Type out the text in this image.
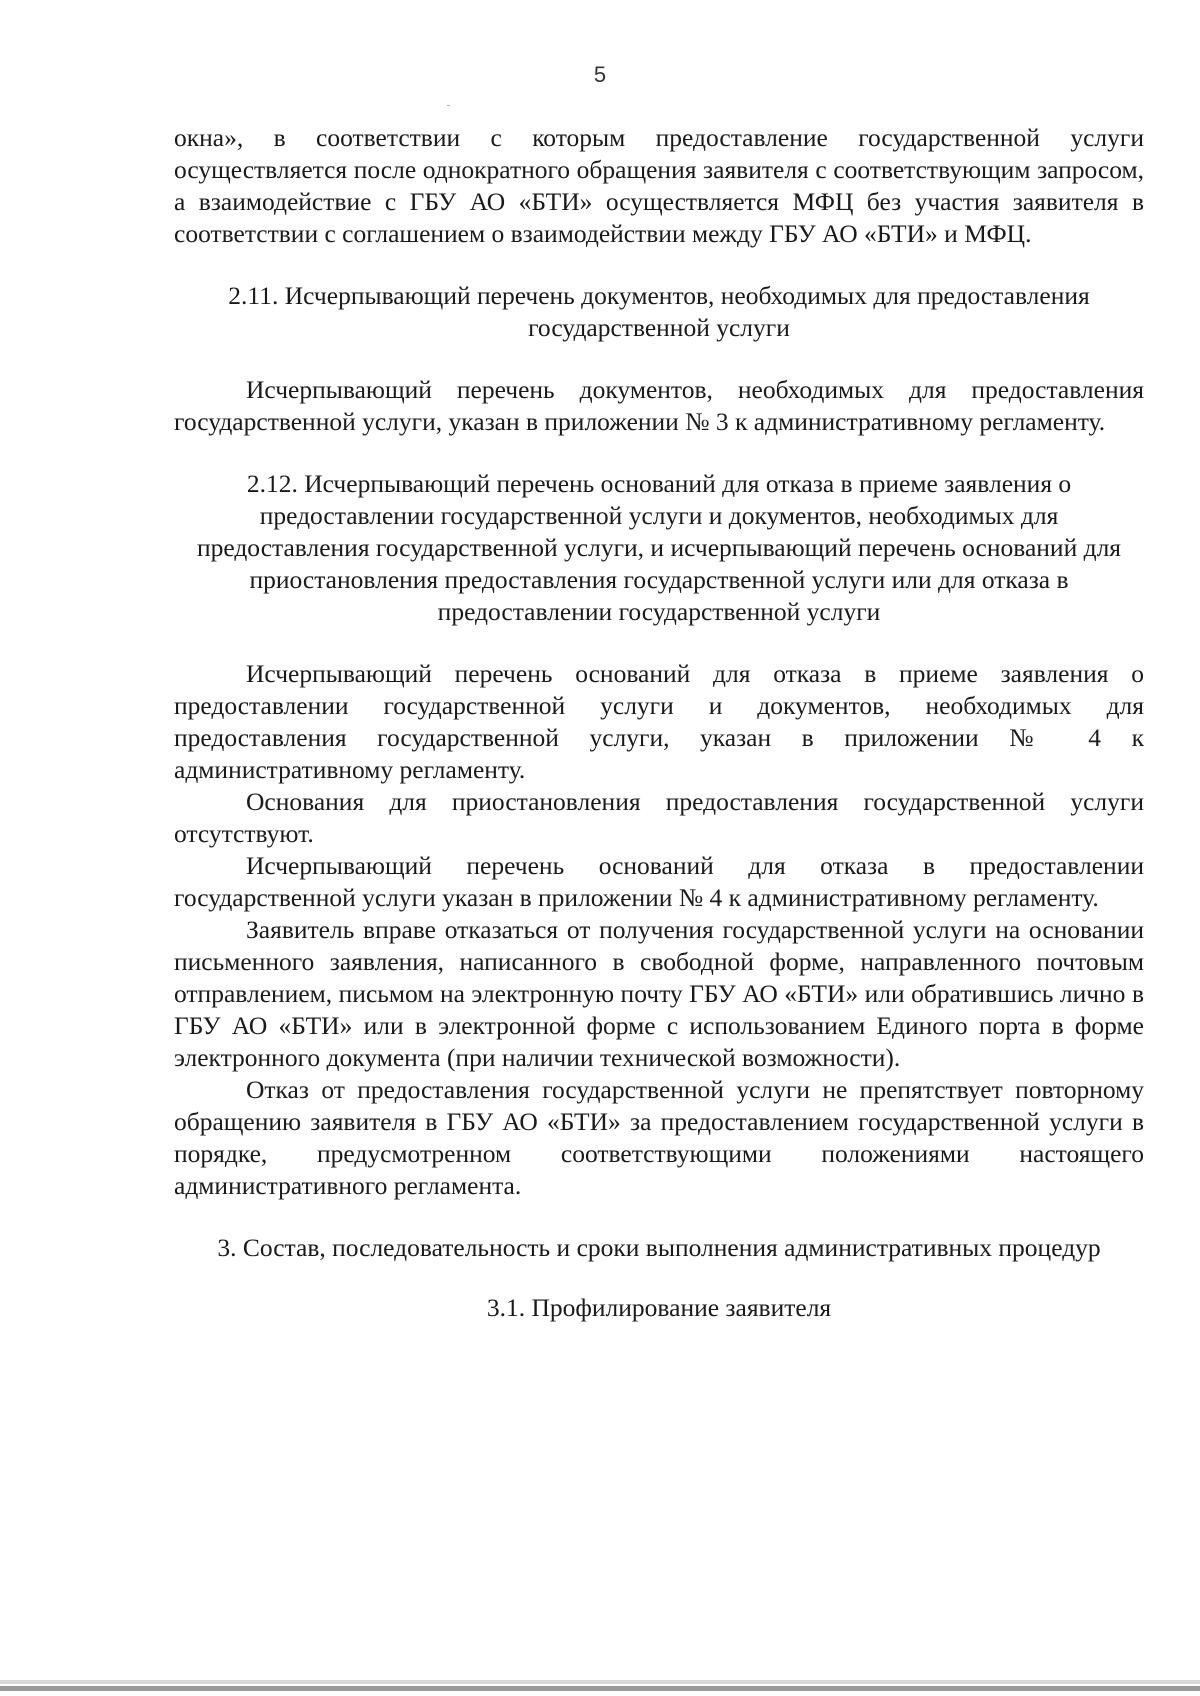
5

окна», в соответствии с которым предоставление государственной услуги осуществляется после однократного обращения заявителя с соответствующим запросом, а взаимодействие с ГБУ АО «БТИ» осуществляется МФЦ без участия заявителя в соответствии с соглашением о взаимодействии между ГБУ АО «БТИ» и МФЦ.

2.11. Исчерпывающий перечень документов, необходимых для предоставления государственной услуги

Исчерпывающий перечень документов, необходимых для предоставления государственной услуги, указан в приложении № 3 к административному регламенту.

2.12. Исчерпывающий перечень оснований для отказа в приеме заявления о предоставлении государственной услуги и документов, необходимых для предоставления государственной услуги, и исчерпывающий перечень оснований для приостановления предоставления государственной услуги или для отказа в предоставлении государственной услуги

Исчерпывающий перечень оснований для отказа в приеме заявления о предоставлении государственной услуги и документов, необходимых для предоставления государственной услуги, указан в приложении № 4 к административному регламенту.

Основания для приостановления предоставления государственной услуги отсутствуют.

Исчерпывающий перечень оснований для отказа в предоставлении государственной услуги указан в приложении № 4 к административному регламенту.

Заявитель вправе отказаться от получения государственной услуги на основании письменного заявления, написанного в свободной форме, направленного почтовым отправлением, письмом на электронную почту ГБУ АО «БТИ» или обратившись лично в ГБУ АО «БТИ» или в электронной форме с использованием Единого порта в форме электронного документа (при наличии технической возможности).

Отказ от предоставления государственной услуги не препятствует повторному обращению заявителя в ГБУ АО «БТИ» за предоставлением государственной услуги в порядке, предусмотренном соответствующими положениями настоящего административного регламента.

3. Состав, последовательность и сроки выполнения административных процедур

3.1. Профилирование заявителя
